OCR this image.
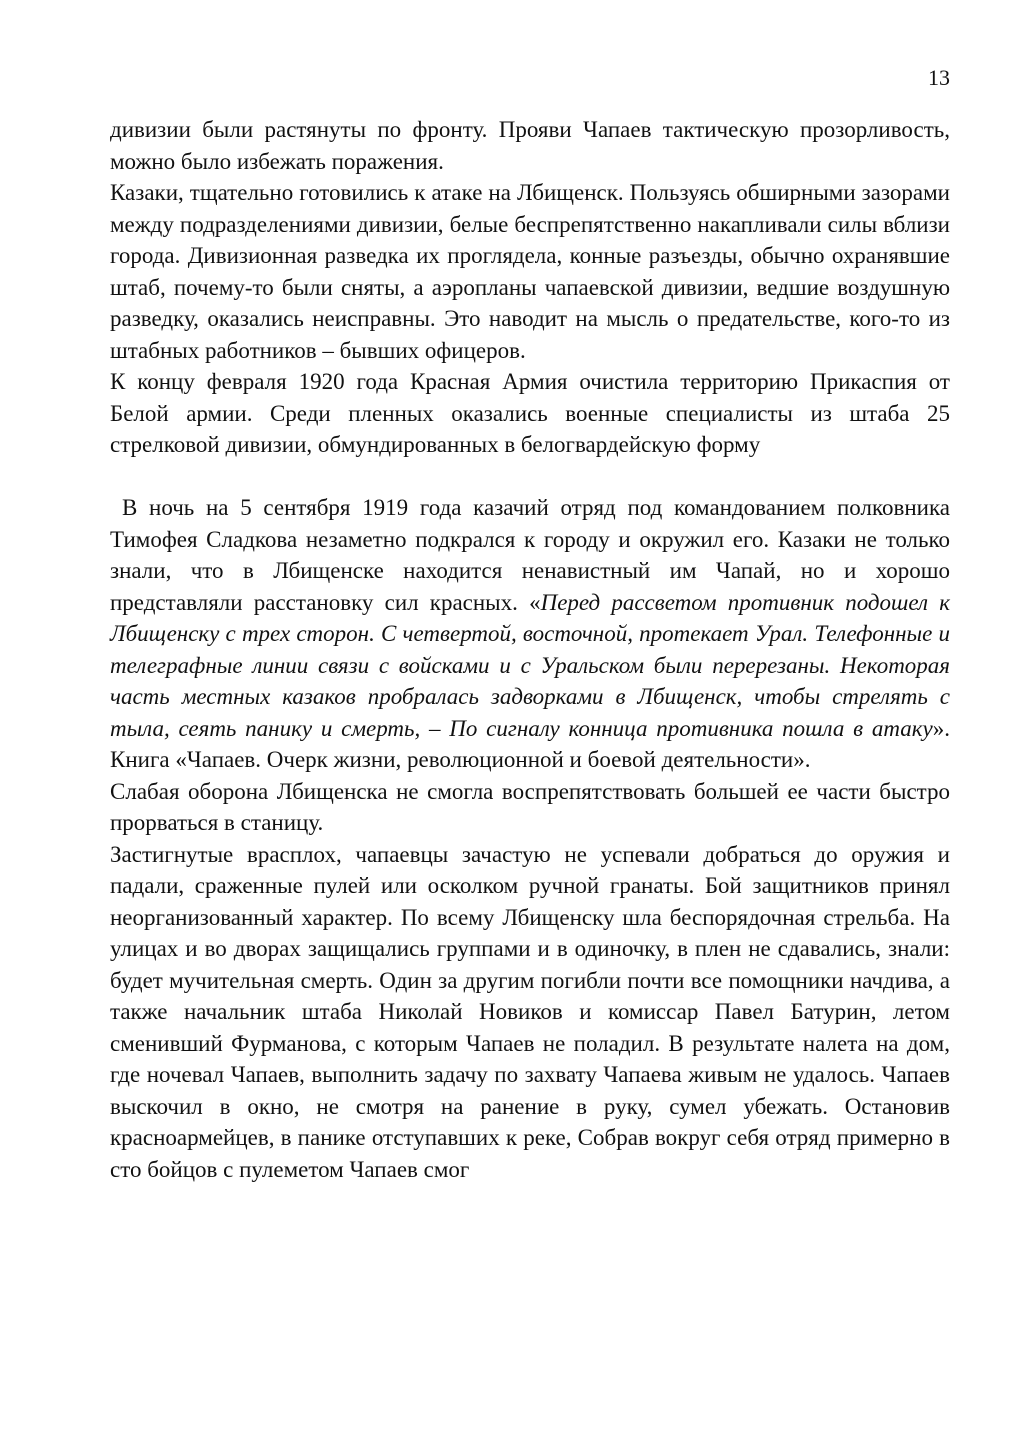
13

дивизии были растянуты по фронту. Прояви Чапаев тактическую прозорливость, можно было избежать поражения.

Казаки, тщательно готовились к атаке на Лбищенск. Пользуясь обширными зазорами между подразделениями дивизии, белые беспрепятственно накапливали силы вблизи города. Дивизионная разведка их проглядела, конные разъезды, обычно охранявшие штаб, почему-то были сняты, а аэропланы чапаевской дивизии, ведшие воздушную разведку, оказались неисправны. Это наводит на мысль о предательстве, кого-то из штабных работников – бывших офицеров.

К концу февраля 1920 года Красная Армия очистила территорию Прикаспия от Белой армии. Среди пленных оказались военные специалисты из штаба 25 стрелковой дивизии, обмундированных в белогвардейскую форму

В ночь на 5 сентября 1919 года казачий отряд под командованием полковника Тимофея Сладкова незаметно подкрался к городу и окружил его. Казаки не только знали, что в Лбищенске находится ненавистный им Чапай, но и хорошо представляли расстановку сил красных. «Перед рассветом противник подошел к Лбищенску с трех сторон. С четвертой, восточной, протекает Урал. Телефонные и телеграфные линии связи с войсками и с Уральском были перерезаны. Некоторая часть местных казаков пробралась задворками в Лбищенск, чтобы стрелять с тыла, сеять панику и смерть, – По сигналу конница противника пошла в атаку». Книга «Чапаев. Очерк жизни, революционной и боевой деятельности».

Слабая оборона Лбищенска не смогла воспрепятствовать большей ее части быстро прорваться в станицу.

Застигнутые врасплох, чапаевцы зачастую не успевали добраться до оружия и падали, сраженные пулей или осколком ручной гранаты. Бой защитников принял неорганизованный характер. По всему Лбищенску шла беспорядочная стрельба. На улицах и во дворах защищались группами и в одиночку, в плен не сдавались, знали: будет мучительная смерть. Один за другим погибли почти все помощники начдива, а также начальник штаба Николай Новиков и комиссар Павел Батурин, летом сменивший Фурманова, с которым Чапаев не поладил. В результате налета на дом, где ночевал Чапаев, выполнить задачу по захвату Чапаева живым не удалось. Чапаев выскочил в окно, не смотря на ранение в руку, сумел убежать. Остановив красноармейцев, в панике отступавших к реке, Собрав вокруг себя отряд примерно в сто бойцов с пулеметом Чапаев смог
